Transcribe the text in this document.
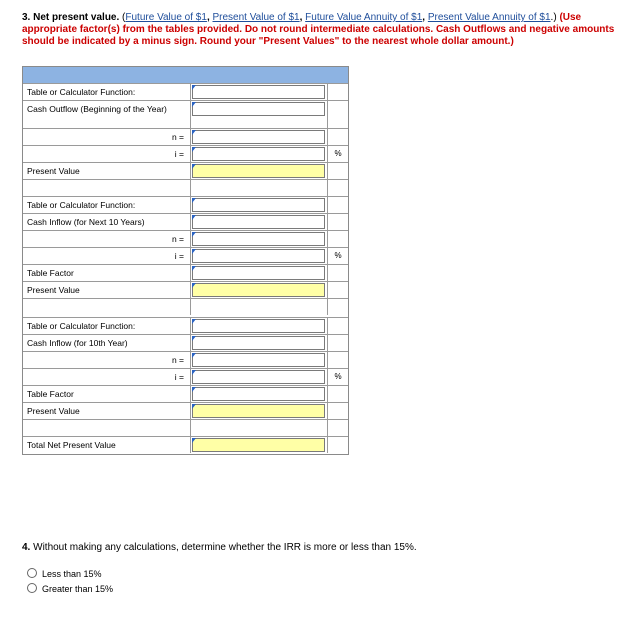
3. Net present value. (Future Value of $1, Present Value of $1, Future Value Annuity of $1, Present Value Annuity of $1.) (Use appropriate factor(s) from the tables provided. Do not round intermediate calculations. Cash Outflows and negative amounts should be indicated by a minus sign. Round your "Present Values" to the nearest whole dollar amount.)
Table or Calculator Function:
Cash Outflow (Beginning of the Year)
n =
i =	%
Present Value
Table or Calculator Function:
Cash Inflow (for Next 10 Years)
n =
i =	%
Table Factor
Present Value
Table or Calculator Function:
Cash Inflow (for 10th Year)
n =
i =	%
Table Factor
Present Value
Total Net Present Value
4. Without making any calculations, determine whether the IRR is more or less than 15%.
Less than 15%
Greater than 15%
